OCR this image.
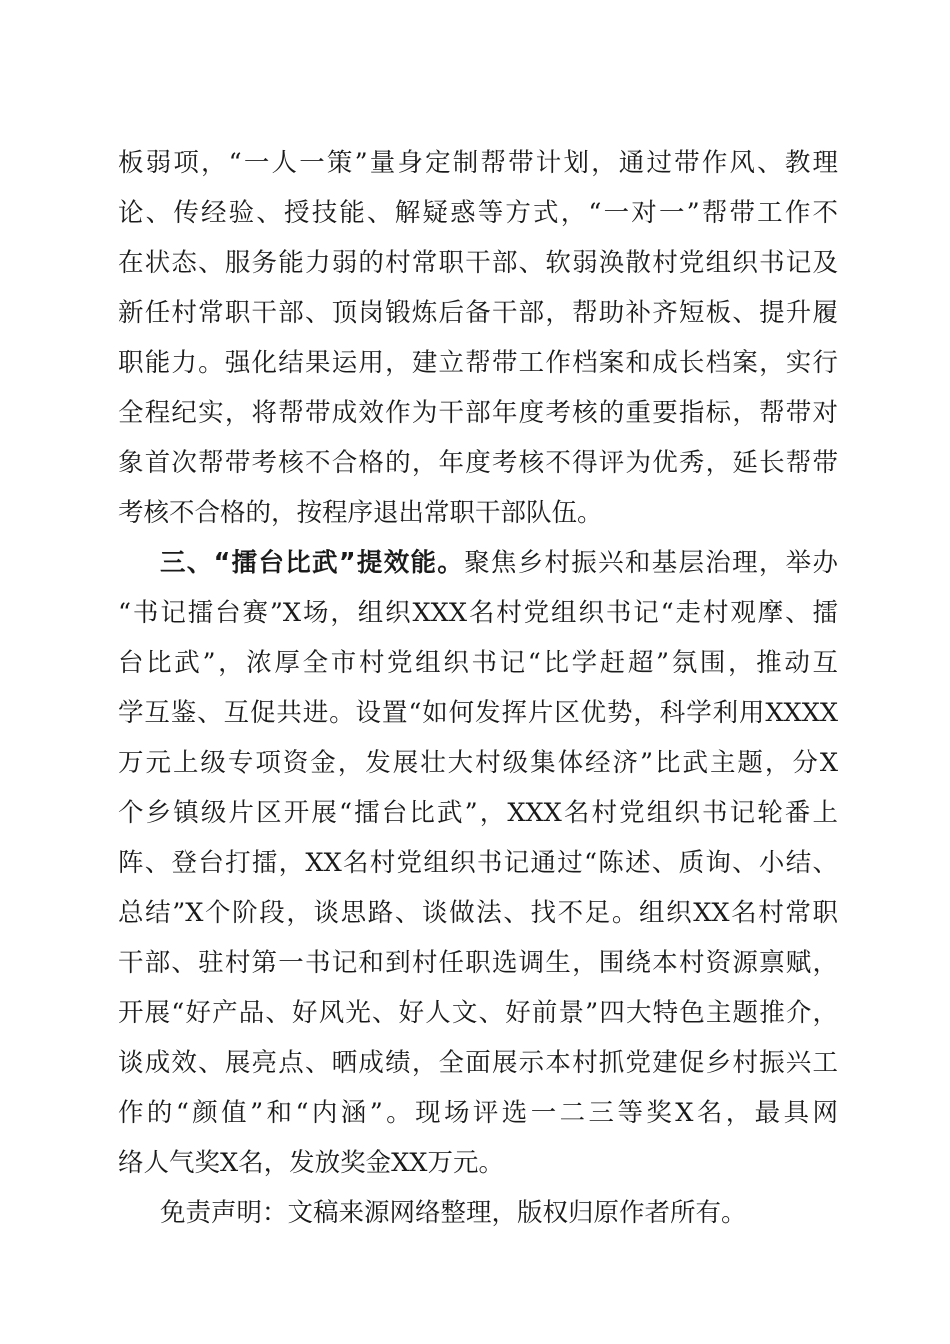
板弱项，“一人一策”量身定制帮带计划，通过带作风、教理
论、传经验、授技能、解疑惑等方式，“一对一”帮带工作不
在状态、服务能力弱的村常职干部、软弱涣散村党组织书记及
新任村常职干部、顶岗锻炼后备干部，帮助补齐短板、提升履
职能力。强化结果运用，建立帮带工作档案和成长档案，实行
全程纪实，将帮带成效作为干部年度考核的重要指标，帮带对
象首次帮带考核不合格的，年度考核不得评为优秀，延长帮带
考核不合格的，按程序退出常职干部队伍。
三、“擂台比武”提效能。聚焦乡村振兴和基层治理，举办
“书记擂台赛”X场，组织XXX名村党组织书记“走村观摩、擂
台比武”，浓厚全市村党组织书记“比学赶超”氛围，推动互
学互鉴、互促共进。设置“如何发挥片区优势，科学利用XXXX
万元上级专项资金，发展壮大村级集体经济”比武主题，分X
个乡镇级片区开展“擂台比武”，XXX名村党组织书记轮番上
阵、登台打擂，XX名村党组织书记通过“陈述、质询、小结、
总结”X个阶段，谈思路、谈做法、找不足。组织XX名村常职
干部、驻村第一书记和到村任职选调生，围绕本村资源禀赋，
开展“好产品、好风光、好人文、好前景”四大特色主题推介，
谈成效、展亮点、晒成绩，全面展示本村抓党建促乡村振兴工
作的“颜值”和“内涵”。现场评选一二三等奖X名，最具网
络人气奖X名，发放奖金XX万元。
免责声明：文稿来源网络整理，版权归原作者所有。
